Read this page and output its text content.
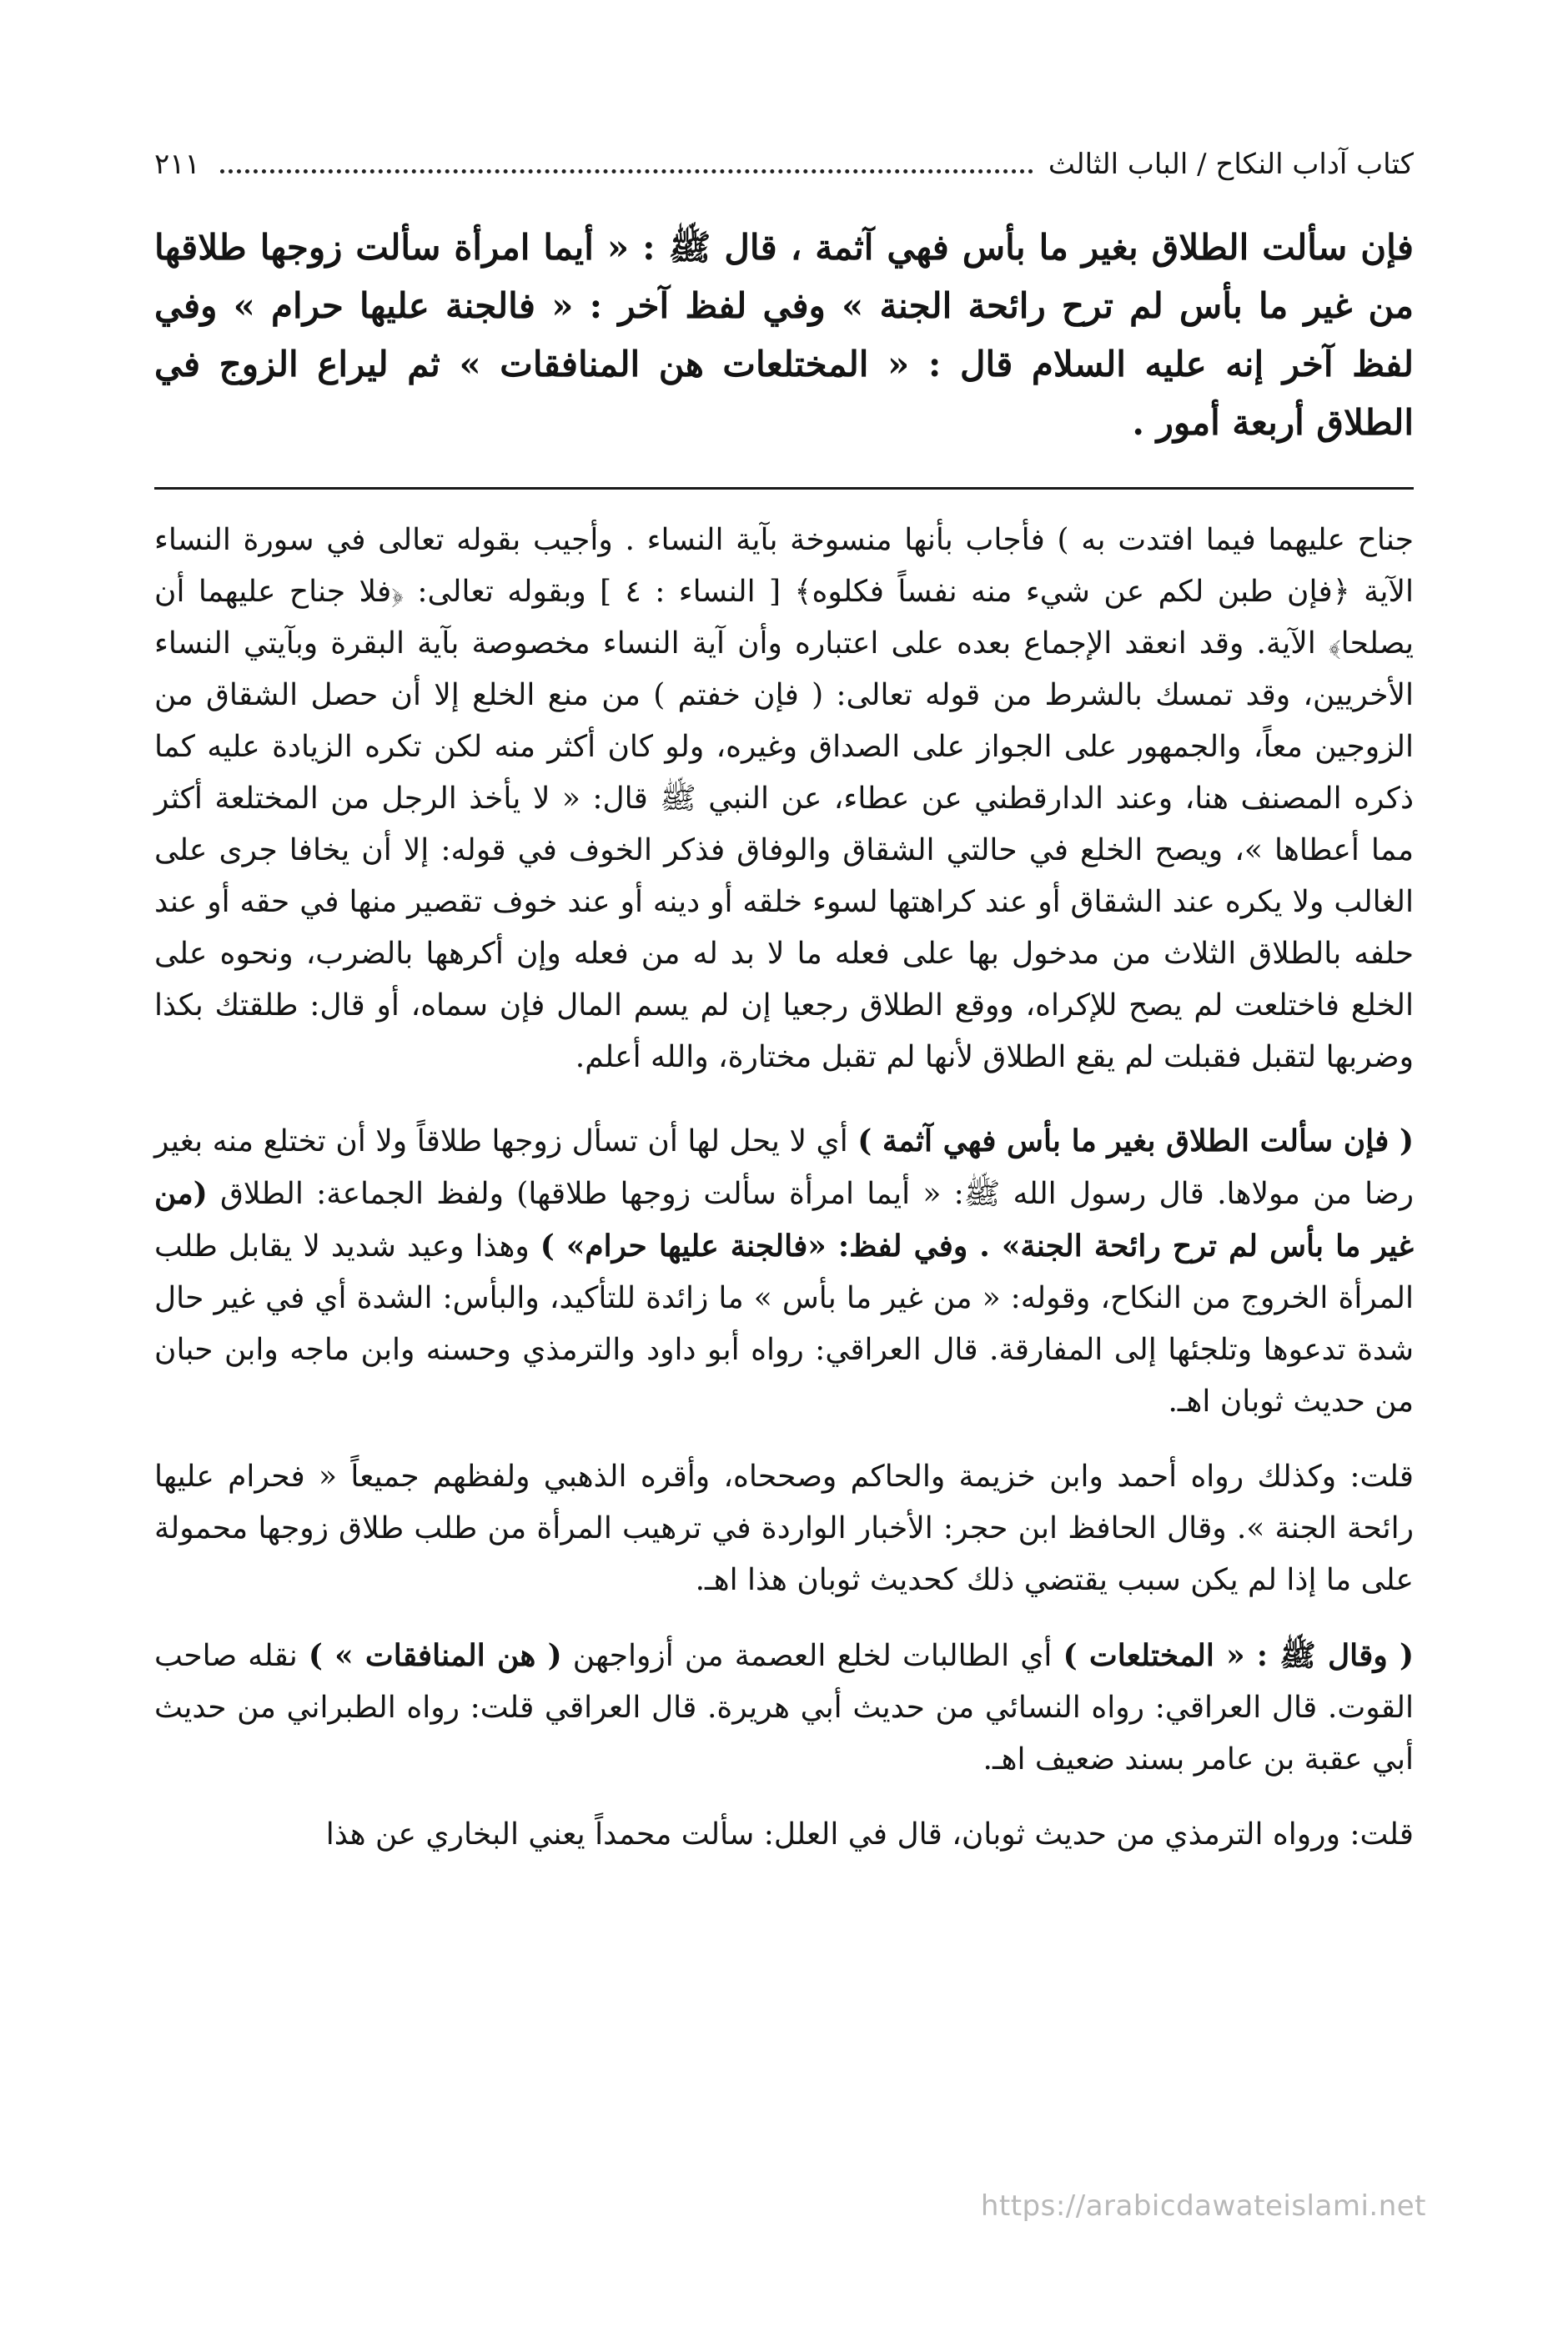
كتاب آداب النكاح / الباب الثالث
٢١١
فإن سألت الطلاق بغير ما بأس فهي آثمة ، قال ﷺ : « أيما امرأة سألت زوجها طلاقها من غير ما بأس لم ترح رائحة الجنة » وفي لفظ آخر : « فالجنة عليها حرام » وفي لفظ آخر إنه عليه السلام قال : « المختلعات هن المنافقات » ثم ليراع الزوج في الطلاق أربعة أمور .

جناح عليهما فيما افتدت به ) فأجاب بأنها منسوخة بآية النساء . وأجيب بقوله تعالى في سورة النساء الآية ﴿فإن طبن لكم عن شيء منه نفساً فكلوه﴾ [ النساء : ٤ ] وبقوله تعالى: ﴿فلا جناح عليهما أن يصلحا﴾ الآية. وقد انعقد الإجماع بعده على اعتباره وأن آية النساء مخصوصة بآية البقرة وبآيتي النساء الأخريين، وقد تمسك بالشرط من قوله تعالى: ( فإن خفتم ) من منع الخلع إلا أن حصل الشقاق من الزوجين معاً، والجمهور على الجواز على الصداق وغيره، ولو كان أكثر منه لكن تكره الزيادة عليه كما ذكره المصنف هنا، وعند الدارقطني عن عطاء، عن النبي ﷺ قال: « لا يأخذ الرجل من المختلعة أكثر مما أعطاها »، ويصح الخلع في حالتي الشقاق والوفاق فذكر الخوف في قوله: إلا أن يخافا جرى على الغالب ولا يكره عند الشقاق أو عند كراهتها لسوء خلقه أو دينه أو عند خوف تقصير منها في حقه أو عند حلفه بالطلاق الثلاث من مدخول بها على فعله ما لا بد له من فعله وإن أكرهها بالضرب، ونحوه على الخلع فاختلعت لم يصح للإكراه، ووقع الطلاق رجعيا إن لم يسم المال فإن سماه، أو قال: طلقتك بكذا وضربها لتقبل فقبلت لم يقع الطلاق لأنها لم تقبل مختارة، والله أعلم.

( فإن سألت الطلاق بغير ما بأس فهي آثمة ) أي لا يحل لها أن تسأل زوجها طلاقاً ولا أن تختلع منه بغير رضا من مولاها. قال رسول الله ﷺ: « أيما امرأة سألت زوجها طلاقها) ولفظ الجماعة: الطلاق (من غير ما بأس لم ترح رائحة الجنة» . وفي لفظ: «فالجنة عليها حرام» ) وهذا وعيد شديد لا يقابل طلب المرأة الخروج من النكاح، وقوله: « من غير ما بأس » ما زائدة للتأكيد، والبأس: الشدة أي في غير حال شدة تدعوها وتلجئها إلى المفارقة. قال العراقي: رواه أبو داود والترمذي وحسنه وابن ماجه وابن حبان من حديث ثوبان اهـ.

قلت: وكذلك رواه أحمد وابن خزيمة والحاكم وصححاه، وأقره الذهبي ولفظهم جميعاً « فحرام عليها رائحة الجنة ». وقال الحافظ ابن حجر: الأخبار الواردة في ترهيب المرأة من طلب طلاق زوجها محمولة على ما إذا لم يكن سبب يقتضي ذلك كحديث ثوبان هذا اهـ.

( وقال ﷺ : « المختلعات ) أي الطالبات لخلع العصمة من أزواجهن ( هن المنافقات » ) نقله صاحب القوت. قال العراقي: رواه النسائي من حديث أبي هريرة. قال العراقي قلت: رواه الطبراني من حديث أبي عقبة بن عامر بسند ضعيف اهـ.

قلت: ورواه الترمذي من حديث ثوبان، قال في العلل: سألت محمداً يعني البخاري عن هذا

https://arabicdawateislami.net
